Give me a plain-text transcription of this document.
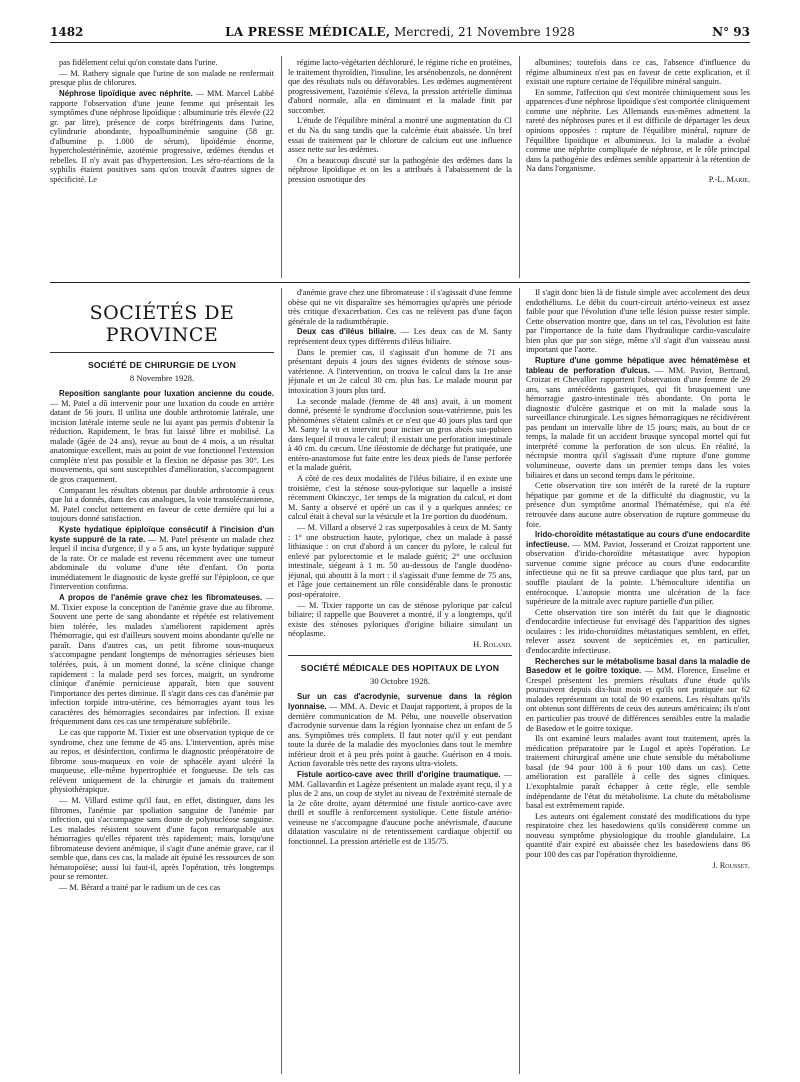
1482	LA PRESSE MÉDICALE, Mercredi, 21 Novembre 1928	N° 93

pas fidèlement celui qu'on constate dans l'urine.

— M. Rathery signale que l'urine de son malade ne renfermait presque plus de chlorures.

Néphrose lipoïdique avec néphrite. — MM. Marcel Labbé rapporte l'observation d'une jeune femme qui présentait les symptômes d'une néphrose lipoïdique : albuminurie très élevée (22 gr. par litre), présence de corps biréfringents dans l'urine, cylindrurie abondante, hypoalbuminémie sanguine (58 gr. d'albumine p. 1.000 de sérum), lipoïdémie énorme, hypercholestérinémie, azotémie progressive, œdèmes étendus et rebelles. Il n'y avait pas d'hypertension. Les séro-réactions de la syphilis étaient positives sans qu'on trouvât d'autres signes de spécificité. Le

régime lacto-végétarien déchloruré, le régime riche en protéines, le traitement thyroïdien, l'insuline, les arsénobenzols, ne donnèrent que des résultats nuls ou défavorables. Les œdèmes augmentèrent progressivement, l'azotémie s'éleva, la pression artérielle diminua d'abord normale, alla en diminuant et la malade finit par succomber.

L'étude de l'équilibre minéral a montré une augmentation du Cl et du Na du sang tandis que la calcémie était abaissée. Un bref essai de traitement par le chlorure de calcium eut une influence assez nette sur les œdèmes.

On a beaucoup discuté sur la pathogénie des œdèmes dans la néphrose lipoïdique et on les a attribués à l'abaissement de la pression osmotique des

albumines; toutefois dans ce cas, l'absence d'influence du régime albumineux n'est pas en faveur de cette explication, et il existait une rupture certaine de l'équilibre minéral sanguin.

En somme, l'affection qui s'est montrée chimiquement sous les apparences d'une néphrose lipoïdique s'est comportée cliniquement comme une néphrite. Les Allemands eux-mêmes admettent la rareté des néphroses pures et il est difficile de départager les deux opinions opposées : rupture de l'équilibre minéral, rupture de l'équilibre lipoïdique et albumineux. Ici la maladie a évolué comme une néphrite compliquée de néphrose, et le rôle principal dans la pathogénie des œdèmes semble appartenir à la rétention de Na dans l'organisme.

P.-L. Marie.

SOCIÉTÉS DE PROVINCE
SOCIÉTÉ DE CHIRURGIE DE LYON
8 Novembre 1928.

Reposition sanglante pour luxation ancienne du coude. — M. Patel a dû intervenir pour une luxation du coude en arrière datant de 56 jours. Il utilisa une double arthrotomie latérale, une incision latérale interne seule ne lui ayant pas permis d'obtenir la réduction. Rapidement, le bras fut laissé libre et mobilisé. La malade (âgée de 24 ans), revue au bout de 4 mois, a un résultat anatomique excellent, mais au point de vue fonctionnel l'extension complète n'est pas possible et la flexion ne dépasse pas 30°. Les mouvements, qui sont susceptibles d'amélioration, s'accompagnent de gros craquement.

Comparant les résultats obtenus par double arthrotomie à ceux que lui a donnés, dans des cas analogues, la voie transolécranienne, M. Patel conclut nettement en faveur de cette dernière qui lui a toujours donné satisfaction.

Kyste hydatique épiploïque consécutif à l'incision d'un kyste suppuré de la rate. — M. Patel présente un malade chez lequel il incisa d'urgence, il y a 5 ans, un kyste hydatique suppuré de la rate. Or ce malade est revenu récemment avec une tumeur abdominale du volume d'une tête d'enfant. On porta immédiatement le diagnostic de kyste greffé sur l'épiploon, ce que l'intervention confirma.

A propos de l'anémie grave chez les fibromateuses. — M. Tixier expose la conception de l'anémie grave due au fibrome. Souvent une perte de sang abondante et répétée est relativement bien tolérée, les malades s'améliorent rapidement après l'hémorragie, qui est d'ailleurs souvent moins abondante qu'elle ne paraît. Dans d'autres cas, un petit fibrome sous-muqueux s'accompagne pendant longtemps de ménorragies sérieuses bien tolérées, puis, à un moment donné, la scène clinique change rapidement : la malade perd ses forces, maigrit, un syndrome clinique d'anémie pernicieuse apparaît, bien que souvent l'importance des pertes diminue. Il s'agit dans ces cas d'anémie par infection torpide intra-utérine, ces hémorragies ayant tous les caractères des hémorragies secondaires par infection. Il existe fréquemment dans ces cas une température subfébrile.

Le cas que rapporte M. Tixier est une observation typique de ce syndrome, chez une femme de 45 ans. L'intervention, après mise au repos, et désinfection, confirma le diagnostic préopératoire de fibrome sous-muqueux en voie de sphacèle ayant ulcéré la muqueuse, elle-même hypertrophiée et fongueuse. De tels cas relèvent uniquement de la chirurgie et jamais du traitement physiothérapique.

— M. Villard estime qu'il faut, en effet, distinguer, dans les fibromes, l'anémie par spoliation sanguine de l'anémie par infection, qui s'accompagne sans doute de polynucléose sanguine. Les malades résistent souvent d'une façon remarquable aux hémorragies qu'elles réparent très rapidement; mais, lorsqu'une fibromateuse devient anémique, il s'agit d'une anémie grave, car il semble que, dans ces cas, la malade ait épuisé les ressources de son hématopoïèse; aussi lui faut-il, après l'opération, très longtemps pour se remonter.

— M. Bérard a traité par le radium un de ces cas

d'anémie grave chez une fibromateuse : il s'agissait d'une femme obèse qui ne vit disparaître ses hémorragies qu'après une période très critique d'exacerbation. Ces cas ne relèvent pas d'une façon générale de la radiumthérapie.

Deux cas d'iléus biliaire. — Les deux cas de M. Santy représentent deux types différents d'iléus biliaire.

Dans le premier cas, il s'agissait d'un homme de 71 ans présentant depuis 4 jours des signes évidents de sténose sous-vatérienne. A l'intervention, on trouva le calcul dans la 1re anse jéjunale et un 2e calcul 30 cm. plus bas. Le malade mourut par intoxication 3 jours plus tard.

La seconde malade (femme de 48 ans) avait, à un moment donné, présenté le syndrome d'occlusion sous-vatérienne, puis les phénomènes s'étaient calmés et ce n'est que 40 jours plus tard que M. Santy la vit et intervint pour inciser un gros abcès sus-pubien dans lequel il trouva le calcul; il existait une perforation intestinale à 40 cm. du cæcum. Une iléostomie de décharge fut pratiquée, une entéro-anastomose fut faite entre les deux pieds de l'anse perforée et la malade guérit.

A côté de ces deux modalités de l'iléus biliaire, il en existe une troisième, c'est la sténose sous-pylorique sur laquelle a insisté récemment Okinczyc, 1er temps de la migration du calcul, et dont M. Santy a observé et opéré un cas il y a quelques années; ce calcul était à cheval sur la vésicule et la 1re portion du duodénum.

— M. Villard a observé 2 cas superposables à ceux de M. Santy : 1° une obstruction haute, pylorique, chez un malade à passé lithiasique : on crut d'abord à un cancer du pylore, le calcul fut enlevé par pylorectomie et le malade guérit; 2° une occlusion intestinale, siégeant à 1 m. 50 au-dessous de l'angle duodéno-jéjunal, qui aboutit à la mort : il s'agissait d'une femme de 75 ans, et l'âge joue certainement un rôle considérable dans le pronostic post-opératoire.

— M. Tixier rapporte un cas de sténose pylorique par calcul biliaire; il rappelle que Bouveret a montré, il y a longtemps, qu'il existe des sténoses pyloriques d'origine biliaire simulant un néoplasme.

H. Roland.

SOCIÉTÉ MÉDICALE DES HOPITAUX DE LYON
30 Octobre 1928.

Sur un cas d'acrodynie, survenue dans la région lyonnaise. — MM. A. Devic et Daujat rapportent, à propos de la dernière communication de M. Péhu, une nouvelle observation d'acrodynie survenue dans la région lyonnaise chez un enfant de 5 ans. Symptômes très complets. Il faut noter qu'il y eut pendant toute la durée de la maladie des myoclonies dans tout le membre inférieur droit et à peu près point à gauche. Guérison en 4 mois. Action favorable très nette des rayons ultra-violets.

Fistule aortico-cave avec thrill d'origine traumatique. — MM. Gallavardin et Lagèze présentent un malade ayant reçu, il y a plus de 2 ans, un coup de stylet au niveau de l'extrémité sternale de la 2e côte droite, ayant déterminé une fistule aortico-cave avec thrill et souffle à renforcement systolique. Cette fistule artério-veineuse ne s'accompagne d'aucune poche anévrismale, d'aucune dilatation vasculaire ni de retentissement cardiaque objectif ou fonctionnel. La pression artérielle est de 135/75.

Il s'agit donc bien là de fistule simple avec accolement des deux endothéliums. Le débit du court-circuit artério-veineux est assez faible pour que l'évolution d'une telle lésion puisse rester simple. Cette observation montre que, dans un tel cas, l'évolution est faite par l'importance de la fuite dans l'hydraulique cardio-vasculaire bien plus que par son siège, même s'il s'agit d'un vaisseau aussi important que l'aorte.

Rupture d'une gomme hépatique avec hématémèse et tableau de perforation d'ulcus. — MM. Paviot, Bertrand, Croizat et Chevallier rapportent l'observation d'une femme de 29 ans, sans antécédents gastriques, qui fit brusquement une hémorragie gastro-intestinale très abondante. On porta le diagnostic d'ulcère gastrique et on mit la malade sous la surveillance chirurgicale. Les signes hémorragiques ne récidivèrent pas pendant un intervalle libre de 15 jours; mais, au bout de ce temps, la malade fit un accident brusque syncopal mortel qui fut interprété comme la perforation de son ulcus. En réalité, la nécropsie montra qu'il s'agissait d'une rupture d'une gomme volumineuse, ouverte dans un premier temps dans les voies biliaires et dans un second temps dans le péritoine.

Cette observation tire son intérêt de la rareté de la rupture hépatique par gomme et de la difficulté du diagnostic, vu la présence d'un symptôme anormal l'hématémèse, qui n'a été retrouvée dans aucune autre observation de rupture gommeuse du foie.

Irido-choroïdite métastatique au cours d'une endocardite infectieuse. — MM. Paviot, Josserand et Croizat rapportent une observation d'irido-choroïdite métastatique avec hypopion survenue comme signe précoce au cours d'une endocardite infectieuse qui ne fit sa preuve cardiaque que plus tard, par un souffle piaulant de la pointe. L'hémoculture identifia un entérocoque. L'autopsie montra une ulcération de la face supérieure de la mitrale avec rupture partielle d'un pilier.

Cette observation tire son intérêt du fait que le diagnostic d'endocardite infectieuse fut envisagé dès l'apparition des signes oculaires : les irido-choroïdites métastatiques semblent, en effet, relever assez souvent de septicémies et, en particulier, d'endocardite infectieuse.

Recherches sur le métabolisme basal dans la maladie de Basedow et le goitre toxique. — MM. Florence, Enselme et Crespel présentent les premiers résultats d'une étude qu'ils poursuivent depuis dix-huit mois et qu'ils ont pratiquée sur 62 malades représentant un total de 90 examens. Les résultats qu'ils ont obtenus sont différents de ceux des auteurs américains; ils n'ont en particulier pas trouvé de différences sensibles entre la maladie de Basedow et le goitre toxique.

Ils ont examiné leurs malades avant tout traitement, après la médication préparatoire par le Lugol et après l'opération. Le traitement chirurgical amène une chute sensible du métabolisme basal (de 94 pour 100 à 6 pour 100 dans un cas). Cette amélioration est parallèle à celle des signes cliniques. L'exophtalmie paraît échapper à cette règle, elle semble indépendante de l'état du métabolisme. La chute du métabolisme basal est extrêmement rapide.

Les auteurs ont également constaté des modifications du type respiratoire chez les basedowiens qu'ils considèrent comme un nouveau symptôme physiologique du trouble glandulaire. La quantité d'air expiré est abaissée chez les basedowiens dans 86 pour 100 des cas par l'opération thyroïdienne.

J. Rousset.
